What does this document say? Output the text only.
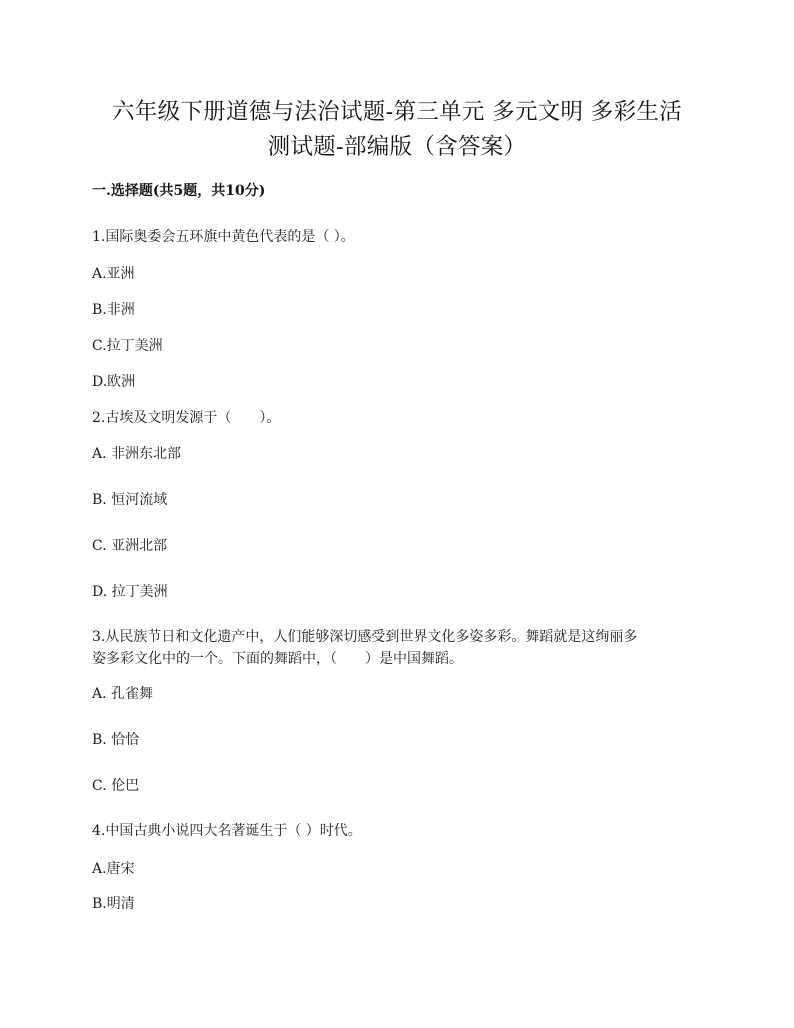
六年级下册道德与法治试题-第三单元 多元文明 多彩生活
测试题-部编版（含答案）
一.选择题(共5题，共10分)
1.国际奥委会五环旗中黄色代表的是（ ）。
A.亚洲
B.非洲
C.拉丁美洲
D.欧洲
2.古埃及文明发源于（　　）。
A. 非洲东北部
B. 恒河流域
C. 亚洲北部
D. 拉丁美洲
3.从民族节日和文化遗产中，人们能够深切感受到世界文化多姿多彩。舞蹈就是这绚丽多
姿多彩文化中的一个。下面的舞蹈中，（　　）是中国舞蹈。
A. 孔雀舞
B. 恰恰
C. 伦巴
4.中国古典小说四大名著诞生于（ ）时代。
A.唐宋
B.明清
